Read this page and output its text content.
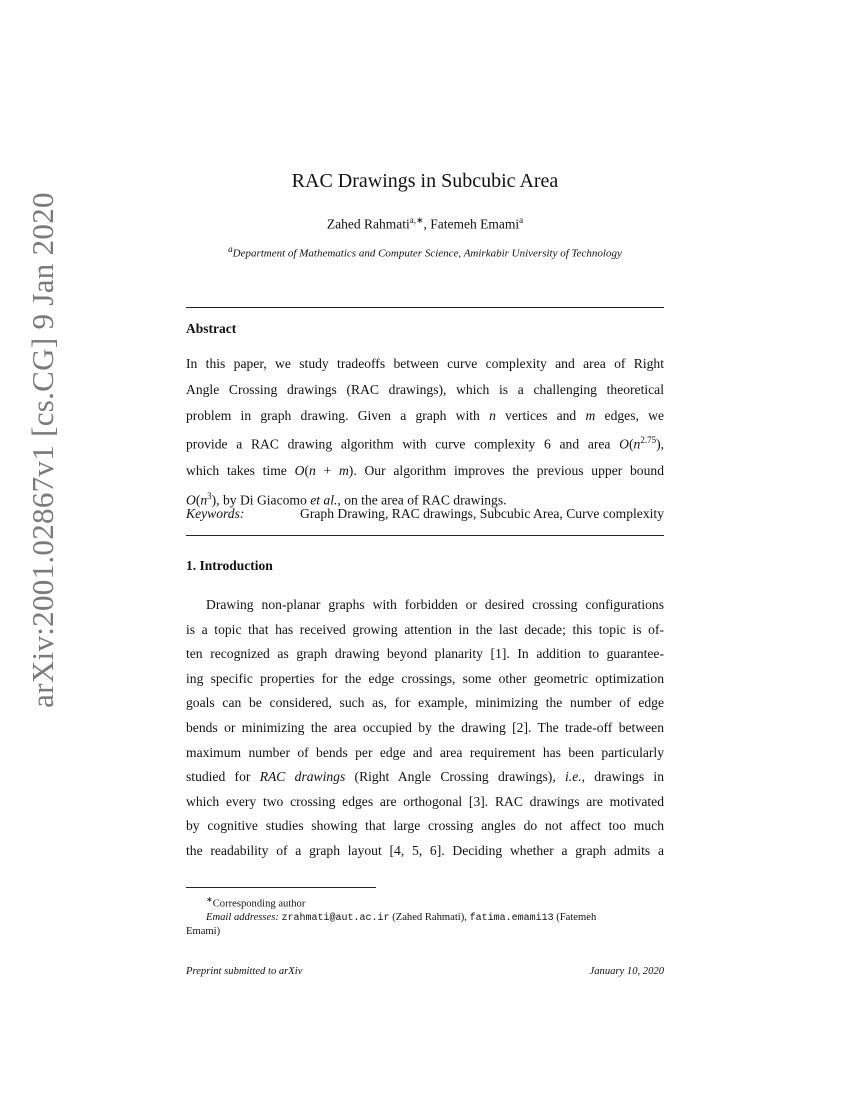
arXiv:2001.02867v1 [cs.CG] 9 Jan 2020
RAC Drawings in Subcubic Area
Zahed Rahmati$^{a,∗}$, Fatemeh Emami$^a$
$^a$Department of Mathematics and Computer Science, Amirkabir University of Technology
Abstract
In this paper, we study tradeoffs between curve complexity and area of Right
Angle Crossing drawings (RAC drawings), which is a challenging theoretical
problem in graph drawing. Given a graph with n vertices and m edges, we
provide a RAC drawing algorithm with curve complexity 6 and area $O(n^{2.75})$,
which takes time O(n + m). Our algorithm improves the previous upper bound
$O(n^3)$, by Di Giacomo et al., on the area of RAC drawings.
Keywords:	Graph Drawing, RAC drawings, Subcubic Area, Curve complexity
1. Introduction
Drawing non-planar graphs with forbidden or desired crossing configurations
is a topic that has received growing attention in the last decade; this topic is of-
ten recognized as graph drawing beyond planarity [1]. In addition to guarantee-
ing specific properties for the edge crossings, some other geometric optimization
goals can be considered, such as, for example, minimizing the number of edge
bends or minimizing the area occupied by the drawing [2]. The trade-off between
maximum number of bends per edge and area requirement has been particularly
studied for RAC drawings (Right Angle Crossing drawings), i.e., drawings in
which every two crossing edges are orthogonal [3]. RAC drawings are motivated
by cognitive studies showing that large crossing angles do not affect too much
the readability of a graph layout [4, 5, 6]. Deciding whether a graph admits a
∗Corresponding author
Email addresses: zrahmati@aut.ac.ir (Zahed Rahmati), fatima.emami13 (Fatemeh
Emami)
Preprint submitted to arXiv	January 10, 2020
